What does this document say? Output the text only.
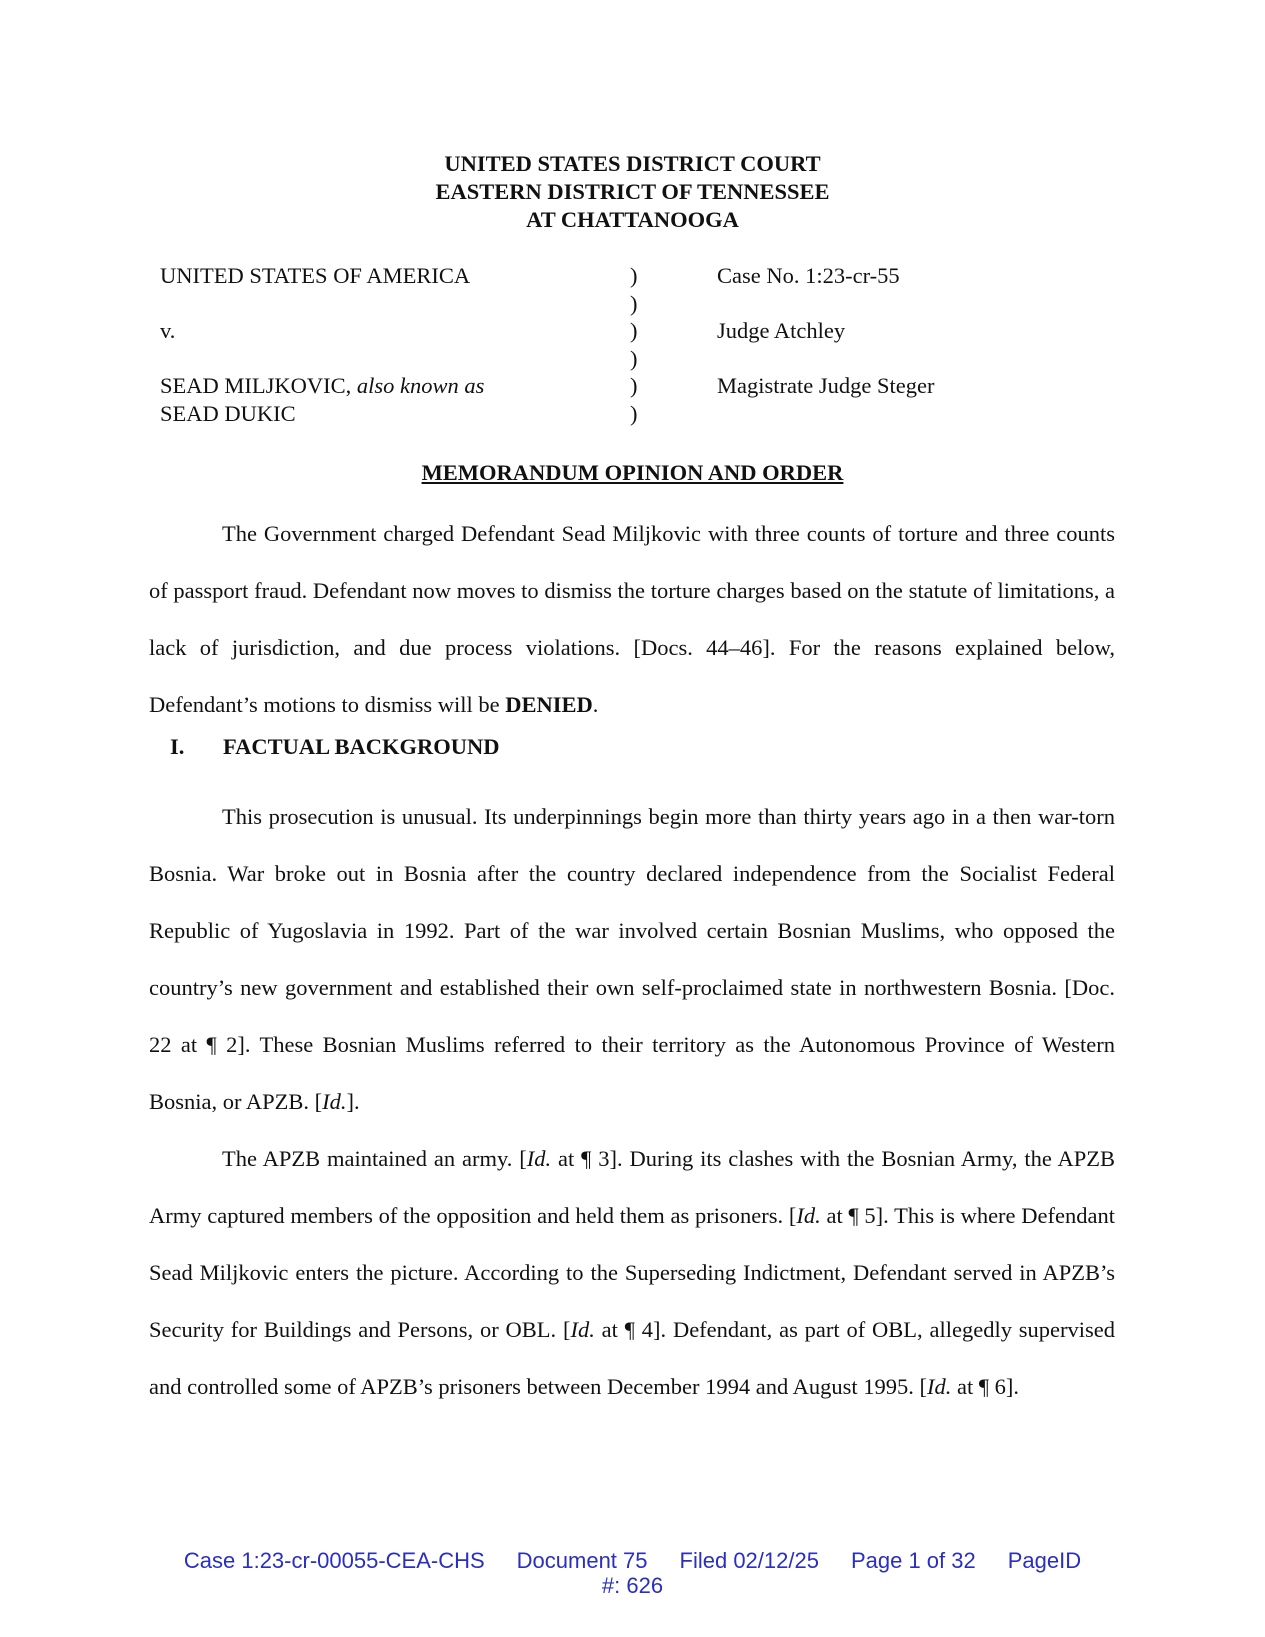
UNITED STATES DISTRICT COURT
EASTERN DISTRICT OF TENNESSEE
AT CHATTANOOGA
UNITED STATES OF AMERICA
v.
SEAD MILJKOVIC, also known as
SEAD DUKIC
)
)
)
)
)
)
Case No. 1:23-cr-55
Judge Atchley
Magistrate Judge Steger
MEMORANDUM OPINION AND ORDER

The Government charged Defendant Sead Miljkovic with three counts of torture and three counts of passport fraud. Defendant now moves to dismiss the torture charges based on the statute of limitations, a lack of jurisdiction, and due process violations. [Docs. 44–46]. For the reasons explained below, Defendant’s motions to dismiss will be DENIED.

I. FACTUAL BACKGROUND

This prosecution is unusual. Its underpinnings begin more than thirty years ago in a then war-torn Bosnia. War broke out in Bosnia after the country declared independence from the Socialist Federal Republic of Yugoslavia in 1992. Part of the war involved certain Bosnian Muslims, who opposed the country’s new government and established their own self-proclaimed state in northwestern Bosnia. [Doc. 22 at ¶ 2]. These Bosnian Muslims referred to their territory as the Autonomous Province of Western Bosnia, or APZB. [Id.].

The APZB maintained an army. [Id. at ¶ 3]. During its clashes with the Bosnian Army, the APZB Army captured members of the opposition and held them as prisoners. [Id. at ¶ 5]. This is where Defendant Sead Miljkovic enters the picture. According to the Superseding Indictment, Defendant served in APZB’s Security for Buildings and Persons, or OBL. [Id. at ¶ 4]. Defendant, as part of OBL, allegedly supervised and controlled some of APZB’s prisoners between December 1994 and August 1995. [Id. at ¶ 6].

Case 1:23-cr-00055-CEA-CHS Document 75 Filed 02/12/25 Page 1 of 32 PageID
#: 626
